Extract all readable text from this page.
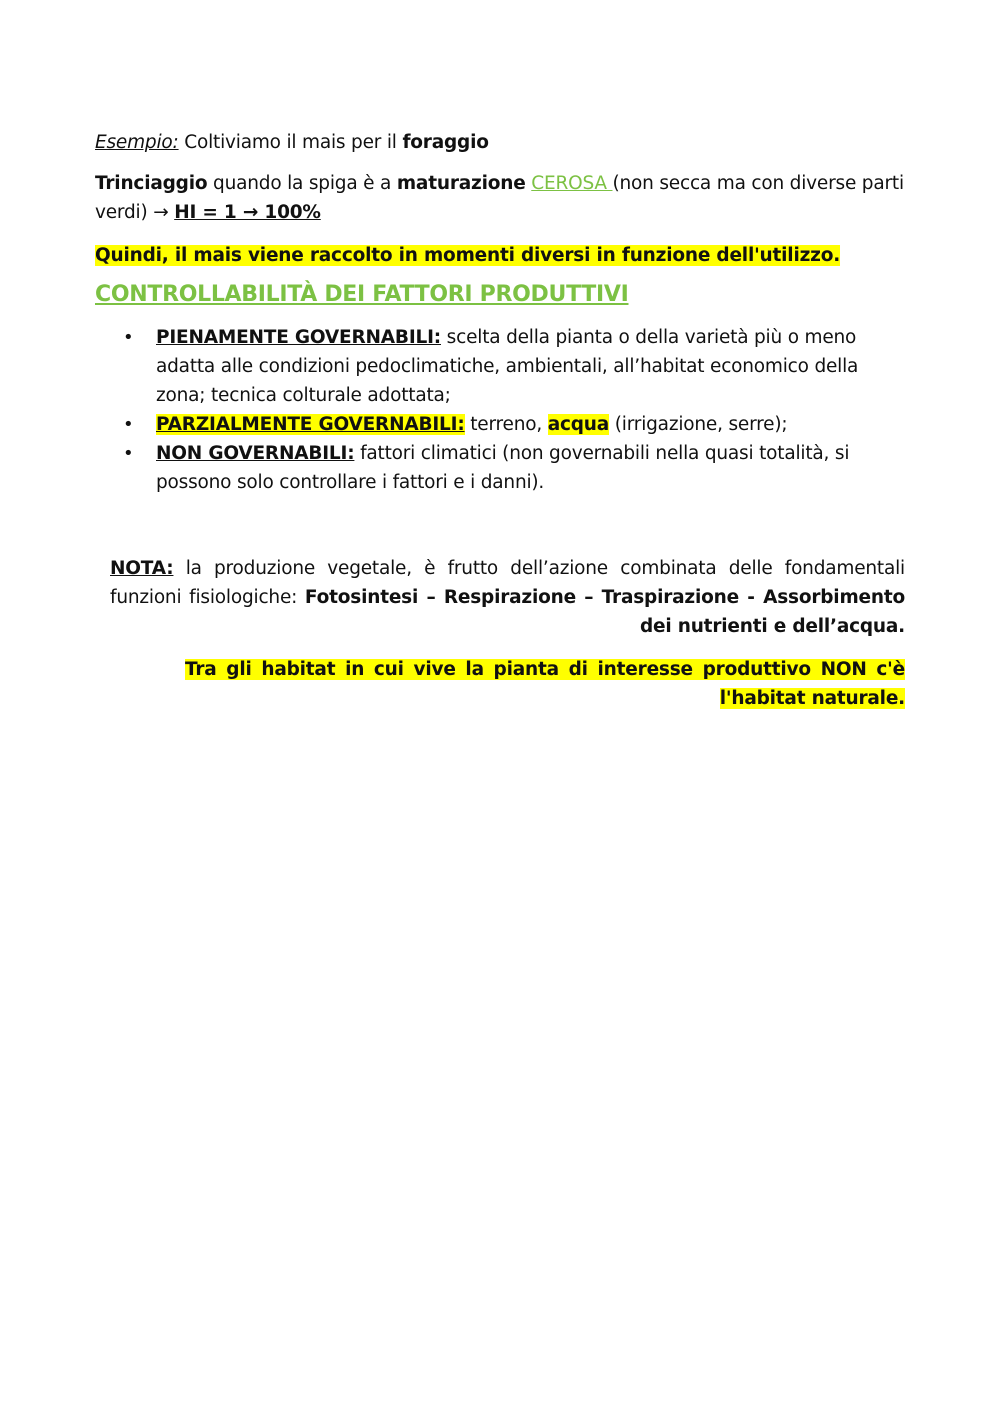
Esempio: Coltiviamo il mais per il foraggio

Trinciaggio quando la spiga è a maturazione CEROSA (non secca ma con diverse parti verdi) → HI = 1 → 100%

Quindi, il mais viene raccolto in momenti diversi in funzione dell'utilizzo.

CONTROLLABILITÀ DEI FATTORI PRODUTTIVI
• PIENAMENTE GOVERNABILI: scelta della pianta o della varietà più o meno adatta alle condizioni pedoclimatiche, ambientali, all’habitat economico della zona; tecnica colturale adottata;
• PARZIALMENTE GOVERNABILI: terreno, acqua (irrigazione, serre);
• NON GOVERNABILI: fattori climatici (non governabili nella quasi totalità, si possono solo controllare i fattori e i danni).

NOTA: la produzione vegetale, è frutto dell’azione combinata delle fondamentali funzioni fisiologiche: Fotosintesi – Respirazione – Traspirazione - Assorbimento dei nutrienti e dell’acqua.

Tra gli habitat in cui vive la pianta di interesse produttivo NON c'è l'habitat naturale.
